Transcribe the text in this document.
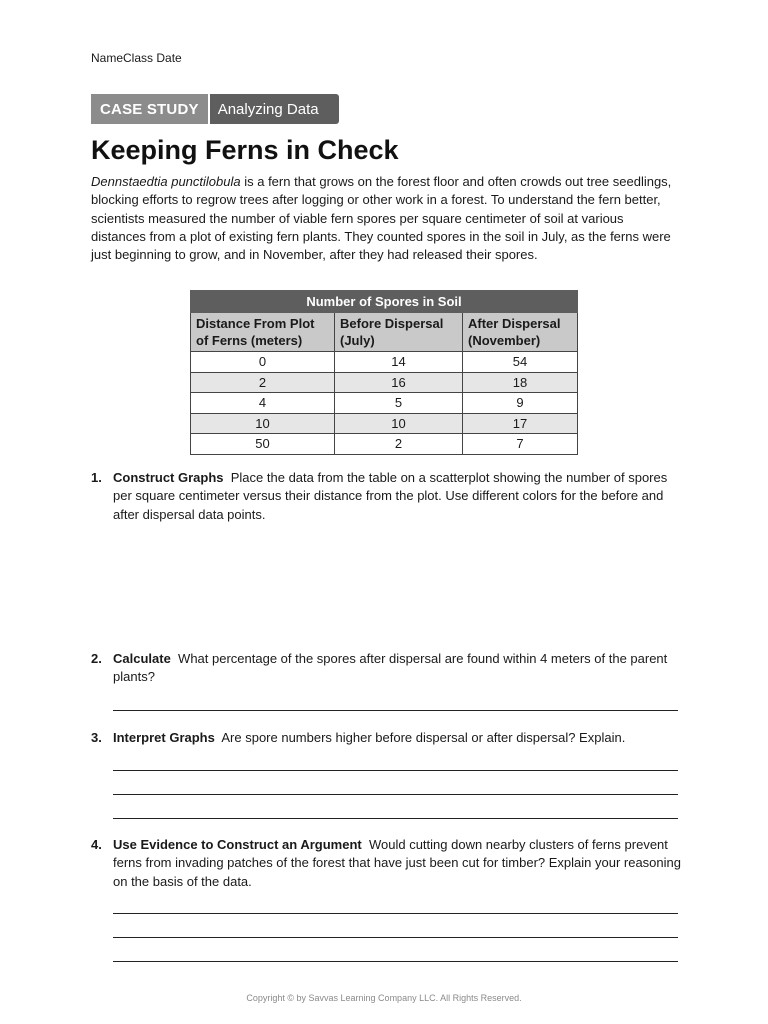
NameClass Date
CASE STUDY	Analyzing Data
Keeping Ferns in Check

Dennstaedtia punctilobula is a fern that grows on the forest floor and often crowds out tree seedlings, blocking efforts to regrow trees after logging or other work in a forest. To understand the fern better, scientists measured the number of viable fern spores per square centimeter of soil at various distances from a plot of existing fern plants. They counted spores in the soil in July, as the ferns were just beginning to grow, and in November, after they had released their spores.

Number of Spores in Soil		
Distance From Plot of Ferns (meters)	Before Dispersal (July)	After Dispersal (November)
0	14	54
2	16	18
4	5	9
10	10	17
50	2	7
1. Construct Graphs Place the data from the table on a scatterplot showing the number of spores per square centimeter versus their distance from the plot. Use different colors for the before and after dispersal data points.
2. Calculate What percentage of the spores after dispersal are found within 4 meters of the parent plants?
3. Interpret Graphs Are spore numbers higher before dispersal or after dispersal? Explain.
4. Use Evidence to Construct an Argument Would cutting down nearby clusters of ferns prevent ferns from invading patches of the forest that have just been cut for timber? Explain your reasoning on the basis of the data.
Copyright © by Savvas Learning Company LLC. All Rights Reserved.
